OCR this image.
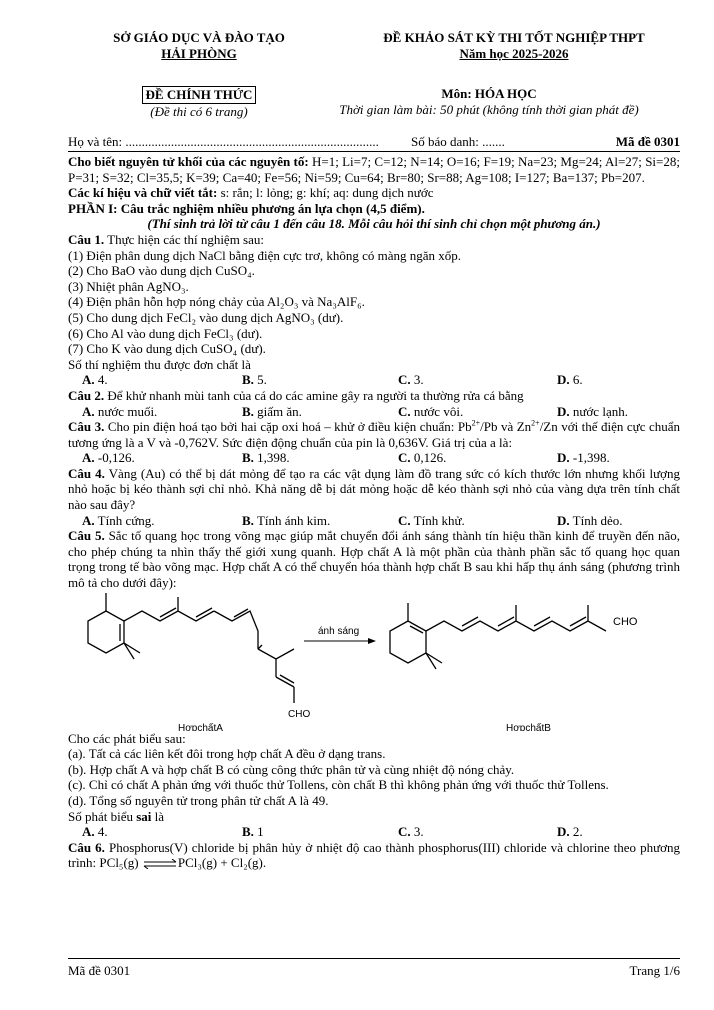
SỞ GIÁO DỤC VÀ ĐÀO TẠO
HẢI PHÒNG
ĐỀ KHẢO SÁT KỲ THI TỐT NGHIỆP THPT
Năm học 2025-2026
ĐỀ CHÍNH THỨC
(Đề thi có 6 trang)
Môn: HÓA HỌC
Thời gian làm bài: 50 phút (không tính thời gian phát đề)
Họ và tên: .............................................................................. Số báo danh: .......	Mã đề 0301

Cho biết nguyên tử khối của các nguyên tố: H=1; Li=7; C=12; N=14; O=16; F=19; Na=23; Mg=24; Al=27; Si=28; P=31; S=32; Cl=35,5; K=39; Ca=40; Fe=56; Ni=59; Cu=64; Br=80; Sr=88; Ag=108; I=127; Ba=137; Pb=207.

Các kí hiệu và chữ viết tắt: s: rắn; l: lỏng; g: khí; aq: dung dịch nước

PHẦN I: Câu trắc nghiệm nhiều phương án lựa chọn (4,5 điểm).

(Thí sinh trả lời từ câu 1 đến câu 18. Mỗi câu hỏi thí sinh chỉ chọn một phương án.)

Câu 1. Thực hiện các thí nghiệm sau:

(1) Điện phân dung dịch NaCl bằng điện cực trơ, không có màng ngăn xốp.

(2) Cho BaO vào dung dịch CuSO₄.

(3) Nhiệt phân AgNO₃.

(4) Điện phân hỗn hợp nóng chảy của Al₂O₃ và Na₃AlF₆.

(5) Cho dung dịch FeCl₂ vào dung dịch AgNO₃ (dư).

(6) Cho Al vào dung dịch FeCl₃ (dư).

(7) Cho K vào dung dịch CuSO₄ (dư).

Số thí nghiệm thu được đơn chất là

A. 4.	B. 5.	C. 3.	D. 6.

Câu 2. Để khử nhanh mùi tanh của cá do các amine gây ra người ta thường rửa cá bằng

A. nước muối.	B. giấm ăn.	C. nước vôi.	D. nước lạnh.

Câu 3. Cho pin điện hoá tạo bởi hai cặp oxi hoá – khử ở điều kiện chuẩn: $Pb^{2+}/Pb$ và $Zn^{2+}/Zn$ với thế điện cực chuẩn tương ứng là a V và -0,762V. Sức điện động chuẩn của pin là 0,636V. Giá trị của a là:

A. -0,126.	B. 1,398.	C. 0,126.	D. -1,398.

Câu 4. Vàng (Au) có thể bị dát mỏng để tạo ra các vật dụng làm đồ trang sức có kích thước lớn nhưng khối lượng nhỏ hoặc bị kéo thành sợi chỉ nhỏ. Khả năng dễ bị dát mỏng hoặc dễ kéo thành sợi nhỏ của vàng dựa trên tính chất nào sau đây?

A. Tính cứng.	B. Tính ánh kim.	C. Tính khử.	D. Tính dẻo.

Câu 5. Sắc tố quang học trong võng mạc giúp mắt chuyển đổi ánh sáng thành tín hiệu thần kinh để truyền đến não, cho phép chúng ta nhìn thấy thế giới xung quanh. Hợp chất A là một phần của thành phần sắc tố quang học quan trọng trong tế bào võng mạc. Hợp chất A có thể chuyển hóa thành hợp chất B sau khi hấp thụ ánh sáng (phương trình mô tả cho dưới đây):

CHO
HợpchấtA
ánh sáng
CHO
HợpchấtB

Cho các phát biểu sau:

(a). Tất cả các liên kết đôi trong hợp chất A đều ở dạng trans.

(b). Hợp chất A và hợp chất B có cùng công thức phân tử và cùng nhiệt độ nóng chảy.

(c). Chỉ có chất A phản ứng với thuốc thử Tollens, còn chất B thì không phản ứng với thuốc thử Tollens.

(d). Tổng số nguyên tử trong phân tử chất A là 49.

Số phát biểu sai là

A. 4.	B. 1	C. 3.	D. 2.

Câu 6. Phosphorus(V) chloride bị phân hủy ở nhiệt độ cao thành phosphorus(III) chloride và chlorine theo phương trình: PCl₅(g) ⇌PCl₃(g) + Cl₂(g).

Mã đề 0301	Trang 1/6
